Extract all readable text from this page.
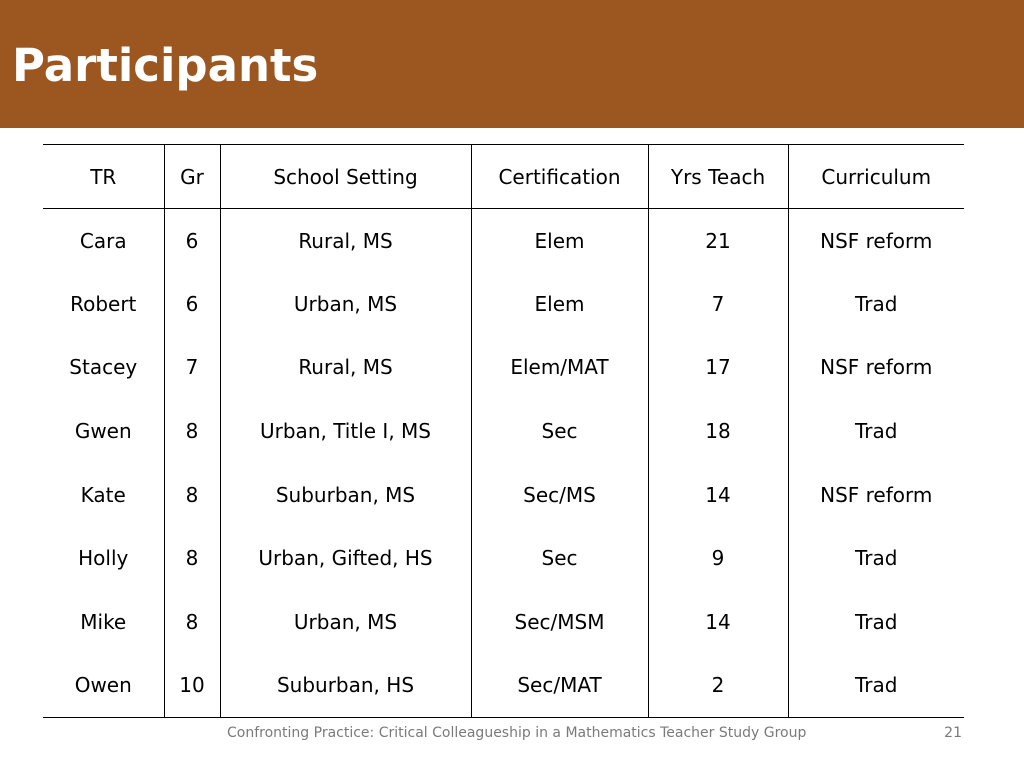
Participants
TR	Gr	School Setting	Certification	Yrs Teach	Curriculum
Cara	6	Rural, MS	Elem	21	NSF reform
Robert	6	Urban, MS	Elem	7	Trad
Stacey	7	Rural, MS	Elem/MAT	17	NSF reform
Gwen	8	Urban, Title I, MS	Sec	18	Trad
Kate	8	Suburban, MS	Sec/MS	14	NSF reform
Holly	8	Urban, Gifted, HS	Sec	9	Trad
Mike	8	Urban, MS	Sec/MSM	14	Trad
Owen	10	Suburban, HS	Sec/MAT	2	Trad
Confronting Practice: Critical Colleagueship in a Mathematics Teacher Study Group	21
